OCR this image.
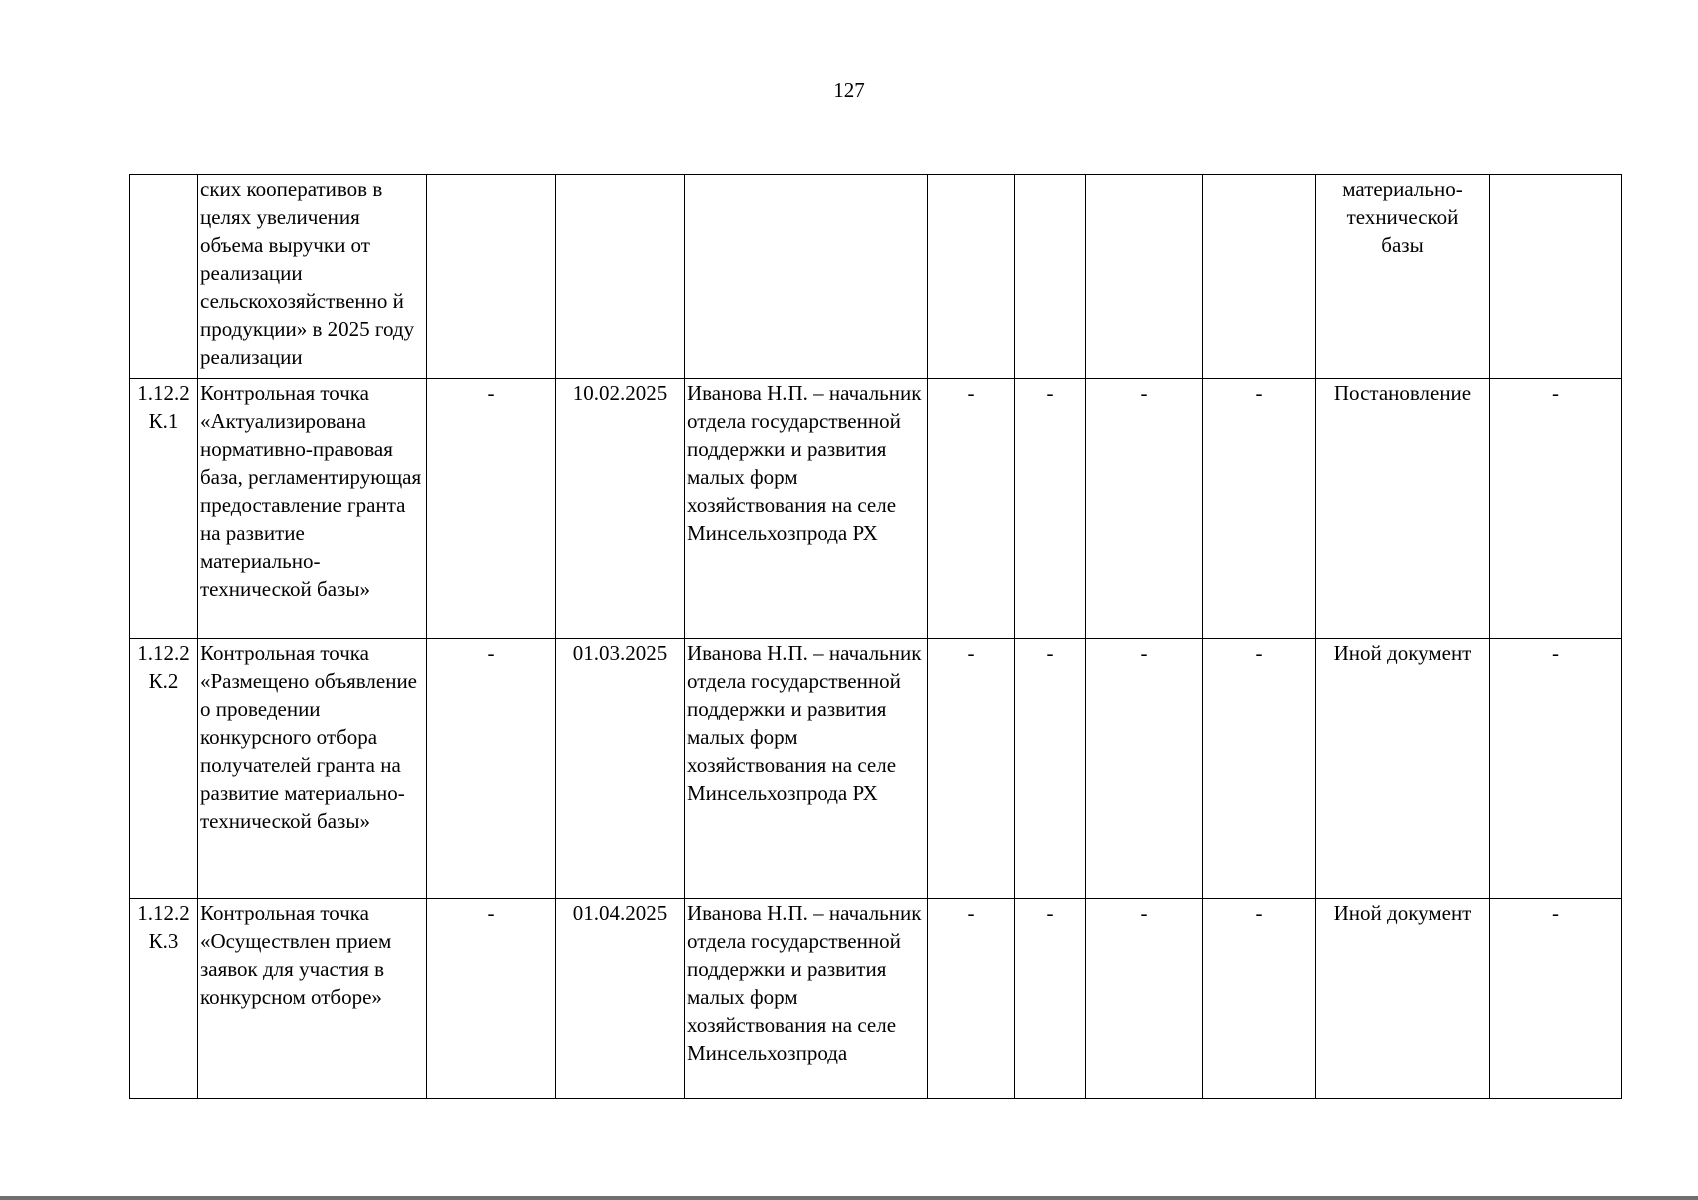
127
	ских кооперативов в целях увеличения объема выручки от реализации сельскохозяйственно й продукции» в 2025 году реализации								материально-
технической
базы	
1.12.2 К.1	Контрольная точка «Актуализирована нормативно-правовая база, регламентирующая предоставление гранта на развитие материально-технической базы»	-	10.02.2025	Иванова Н.П. – начальник отдела государственной поддержки и развития малых форм хозяйствования на селе Минсельхозпрода РХ	-	-	-	-	Постановление	-
1.12.2 К.2	Контрольная точка «Размещено объявление о проведении конкурсного отбора получателей гранта на развитие материально-технической базы»	-	01.03.2025	Иванова Н.П. – начальник отдела государственной поддержки и развития малых форм хозяйствования на селе Минсельхозпрода РХ	-	-	-	-	Иной документ	-
1.12.2 К.3	Контрольная точка «Осуществлен прием заявок для участия в конкурсном отборе»	-	01.04.2025	Иванова Н.П. – начальник отдела государственной поддержки и развития малых форм хозяйствования на селе Минсельхозпрода	-	-	-	-	Иной документ	-
